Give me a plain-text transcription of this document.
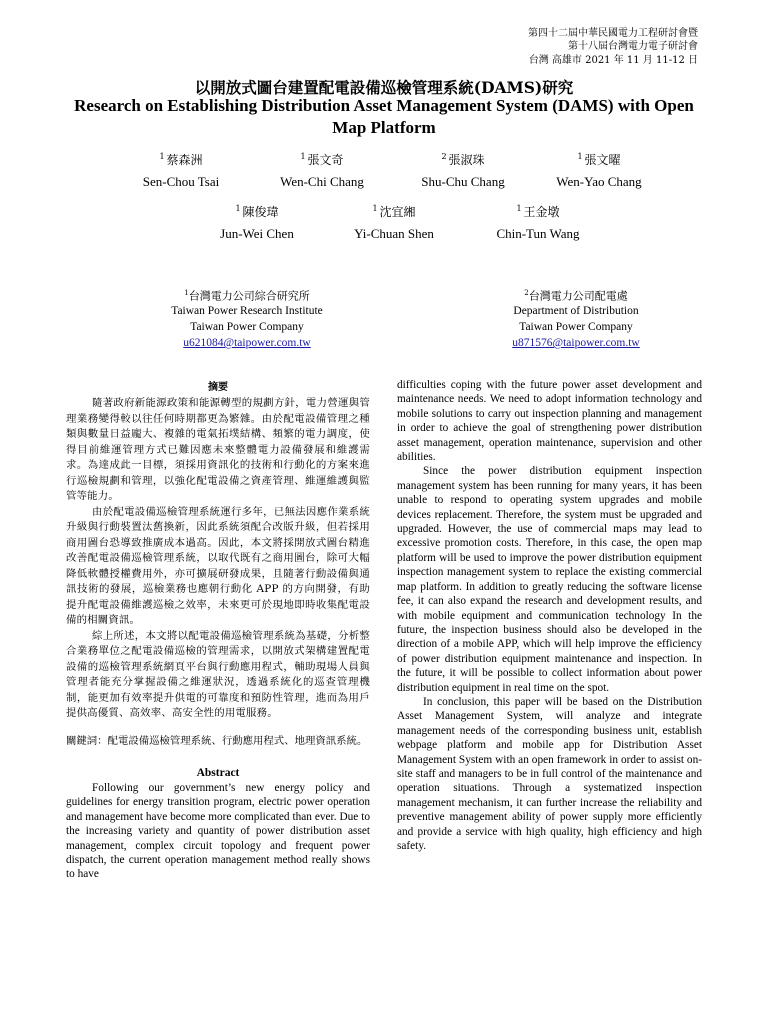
第四十二屆中華民國電力工程研討會暨
第十八屆台灣電力電子研討會
台灣 高雄市 2021 年 11 月 11-12 日
以開放式圖台建置配電設備巡檢管理系統(DAMS)研究
Research on Establishing Distribution Asset Management System (DAMS) with Open Map Platform
$^1$ 蔡森洲
Sen-Chou Tsai
$^1$ 張文奇
Wen-Chi Chang
$^2$ 張淑珠
Shu-Chu Chang
$^1$ 張文曜
Wen-Yao Chang
$^1$ 陳俊瑋
Jun-Wei Chen
$^1$ 沈宜緗
Yi-Chuan Shen
$^1$ 王金墩
Chin-Tun Wang
$^1$台灣電力公司綜合研究所
Taiwan Power Research Institute
Taiwan Power Company
u621084@taipower.com.tw
$^2$台灣電力公司配電處
Department of Distribution
Taiwan Power Company
u871576@taipower.com.tw
摘要

隨著政府新能源政策和能源轉型的規劃方針，電力營運與管理業務變得較以往任何時期都更為繁雜。由於配電設備管理之種類與數量日益龐大、複雜的電氣拓墣結構、頻繁的電力調度，使得目前維運管理方式已難因應未來整體電力設備發展和維護需求。為達成此一目標，須採用資訊化的技術和行動化的方案來進行巡檢規劃和管理，以強化配電設備之資產管理、維運維護與監管等能力。

由於配電設備巡檢管理系統運行多年，已無法因應作業系統升級與行動裝置汰舊換新，因此系統須配合改版升級，但若採用商用圖台恐導致推廣成本過高。因此，本文將採開放式圖台精進改善配電設備巡檢管理系統，以取代既有之商用圖台，除可大幅降低軟體授權費用外，亦可擴展研發成果，且隨著行動設備與通訊技術的發展，巡檢業務也應朝行動化 APP 的方向開發，有助提升配電設備維護巡檢之效率，未來更可於現地即時收集配電設備的相關資訊。

綜上所述，本文將以配電設備巡檢管理系統為基礎，分析整合業務單位之配電設備巡檢的管理需求，以開放式架構建置配電設備的巡檢管理系統網頁平台與行動應用程式，輔助現場人員與管理者能充分掌握設備之維運狀況，透過系統化的巡查管理機制，能更加有效率提升供電的可靠度和預防性管理，進而為用戶提供高優質、高效率、高安全性的用電服務。

關鍵詞：配電設備巡檢管理系統、行動應用程式、地理資訊系統。

Abstract

Following our government’s new energy policy and guidelines for energy transition program, electric power operation and management have become more complicated than ever. Due to the increasing variety and quantity of power distribution asset management, complex circuit topology and frequent power dispatch, the current operation management method really shows to have

difficulties coping with the future power asset development and maintenance needs. We need to adopt information technology and mobile solutions to carry out inspection planning and management in order to achieve the goal of strengthening power distribution asset management, operation maintenance, supervision and other abilities.

Since the power distribution equipment inspection management system has been running for many years, it has been unable to respond to operating system upgrades and mobile devices replacement. Therefore, the system must be upgraded and upgraded. However, the use of commercial maps may lead to excessive promotion costs. Therefore, in this case, the open map platform will be used to improve the power distribution equipment inspection management system to replace the existing commercial map platform. In addition to greatly reducing the software license fee, it can also expand the research and development results, and with mobile equipment and communication technology In the future, the inspection business should also be developed in the direction of a mobile APP, which will help improve the efficiency of power distribution equipment maintenance and inspection. In the future, it will be possible to collect information about power distribution equipment in real time on the spot.

In conclusion, this paper will be based on the Distribution Asset Management System, will analyze and integrate management needs of the corresponding business unit, establish webpage platform and mobile app for Distribution Asset Management System with an open framework in order to assist on-site staff and managers to be in full control of the maintenance and operation situations. Through a systematized inspection management mechanism, it can further increase the reliability and preventive management ability of power supply more efficiently and provide a service with high quality, high efficiency and high safety.
